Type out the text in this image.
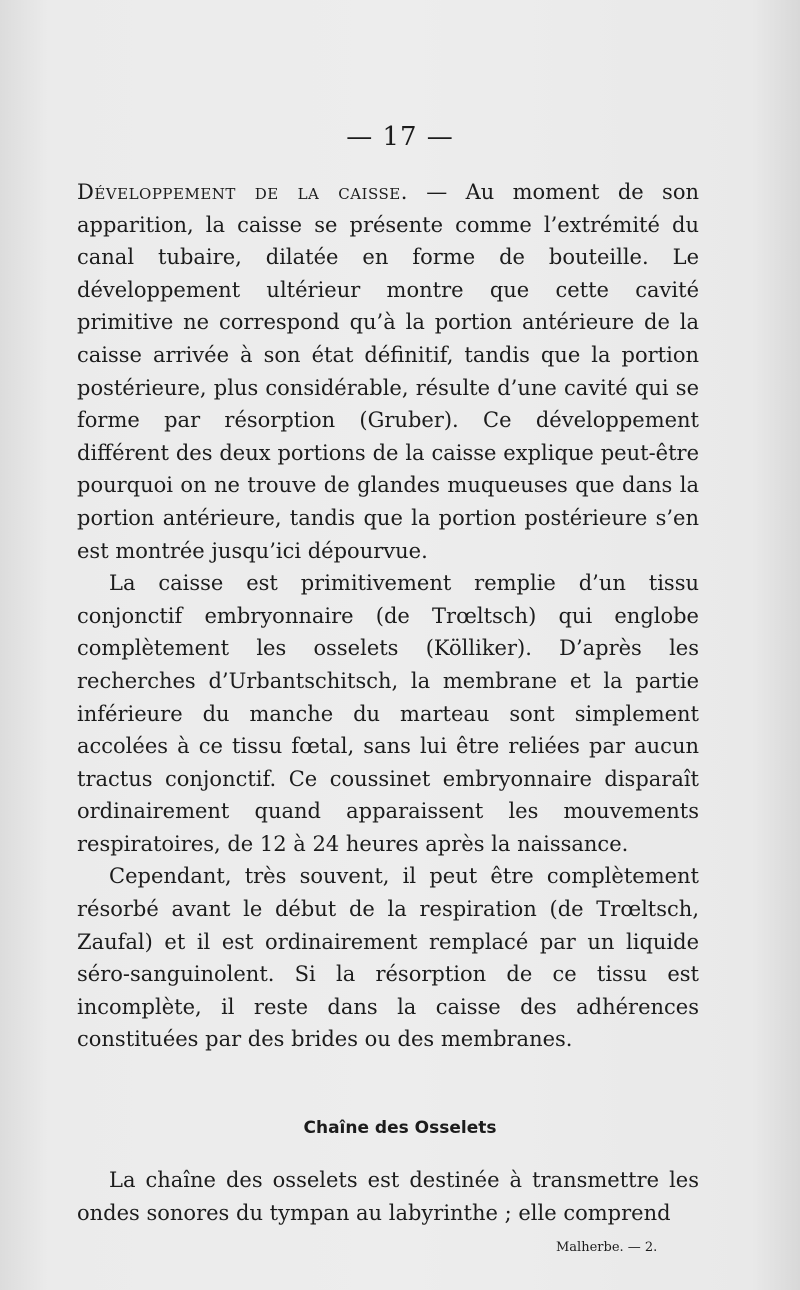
— 17 —

Développement de la caisse. — Au moment de son apparition, la caisse se présente comme l’extrémité du canal tubaire, dilatée en forme de bouteille. Le développement ultérieur montre que cette cavité primitive ne correspond qu’à la portion antérieure de la caisse arrivée à son état définitif, tandis que la portion postérieure, plus considérable, résulte d’une cavité qui se forme par résorption (Gruber). Ce développement différent des deux portions de la caisse explique peut-être pourquoi on ne trouve de glandes muqueuses que dans la portion antérieure, tandis que la portion postérieure s’en est montrée jusqu’ici dépourvue.

La caisse est primitivement remplie d’un tissu conjonctif embryonnaire (de Trœltsch) qui englobe complètement les osselets (Kölliker). D’après les recherches d’Urbantschitsch, la membrane et la partie inférieure du manche du marteau sont simplement accolées à ce tissu fœtal, sans lui être reliées par aucun tractus conjonctif. Ce coussinet embryonnaire disparaît ordinairement quand apparaissent les mouvements respiratoires, de 12 à 24 heures après la naissance.

Cependant, très souvent, il peut être complètement résorbé avant le début de la respiration (de Trœltsch, Zaufal) et il est ordinairement remplacé par un liquide séro-sanguinolent. Si la résorption de ce tissu est incomplète, il reste dans la caisse des adhérences constituées par des brides ou des membranes.

Chaîne des Osselets

La chaîne des osselets est destinée à transmettre les ondes sonores du tympan au labyrinthe ; elle comprend

Malherbe. — 2.
